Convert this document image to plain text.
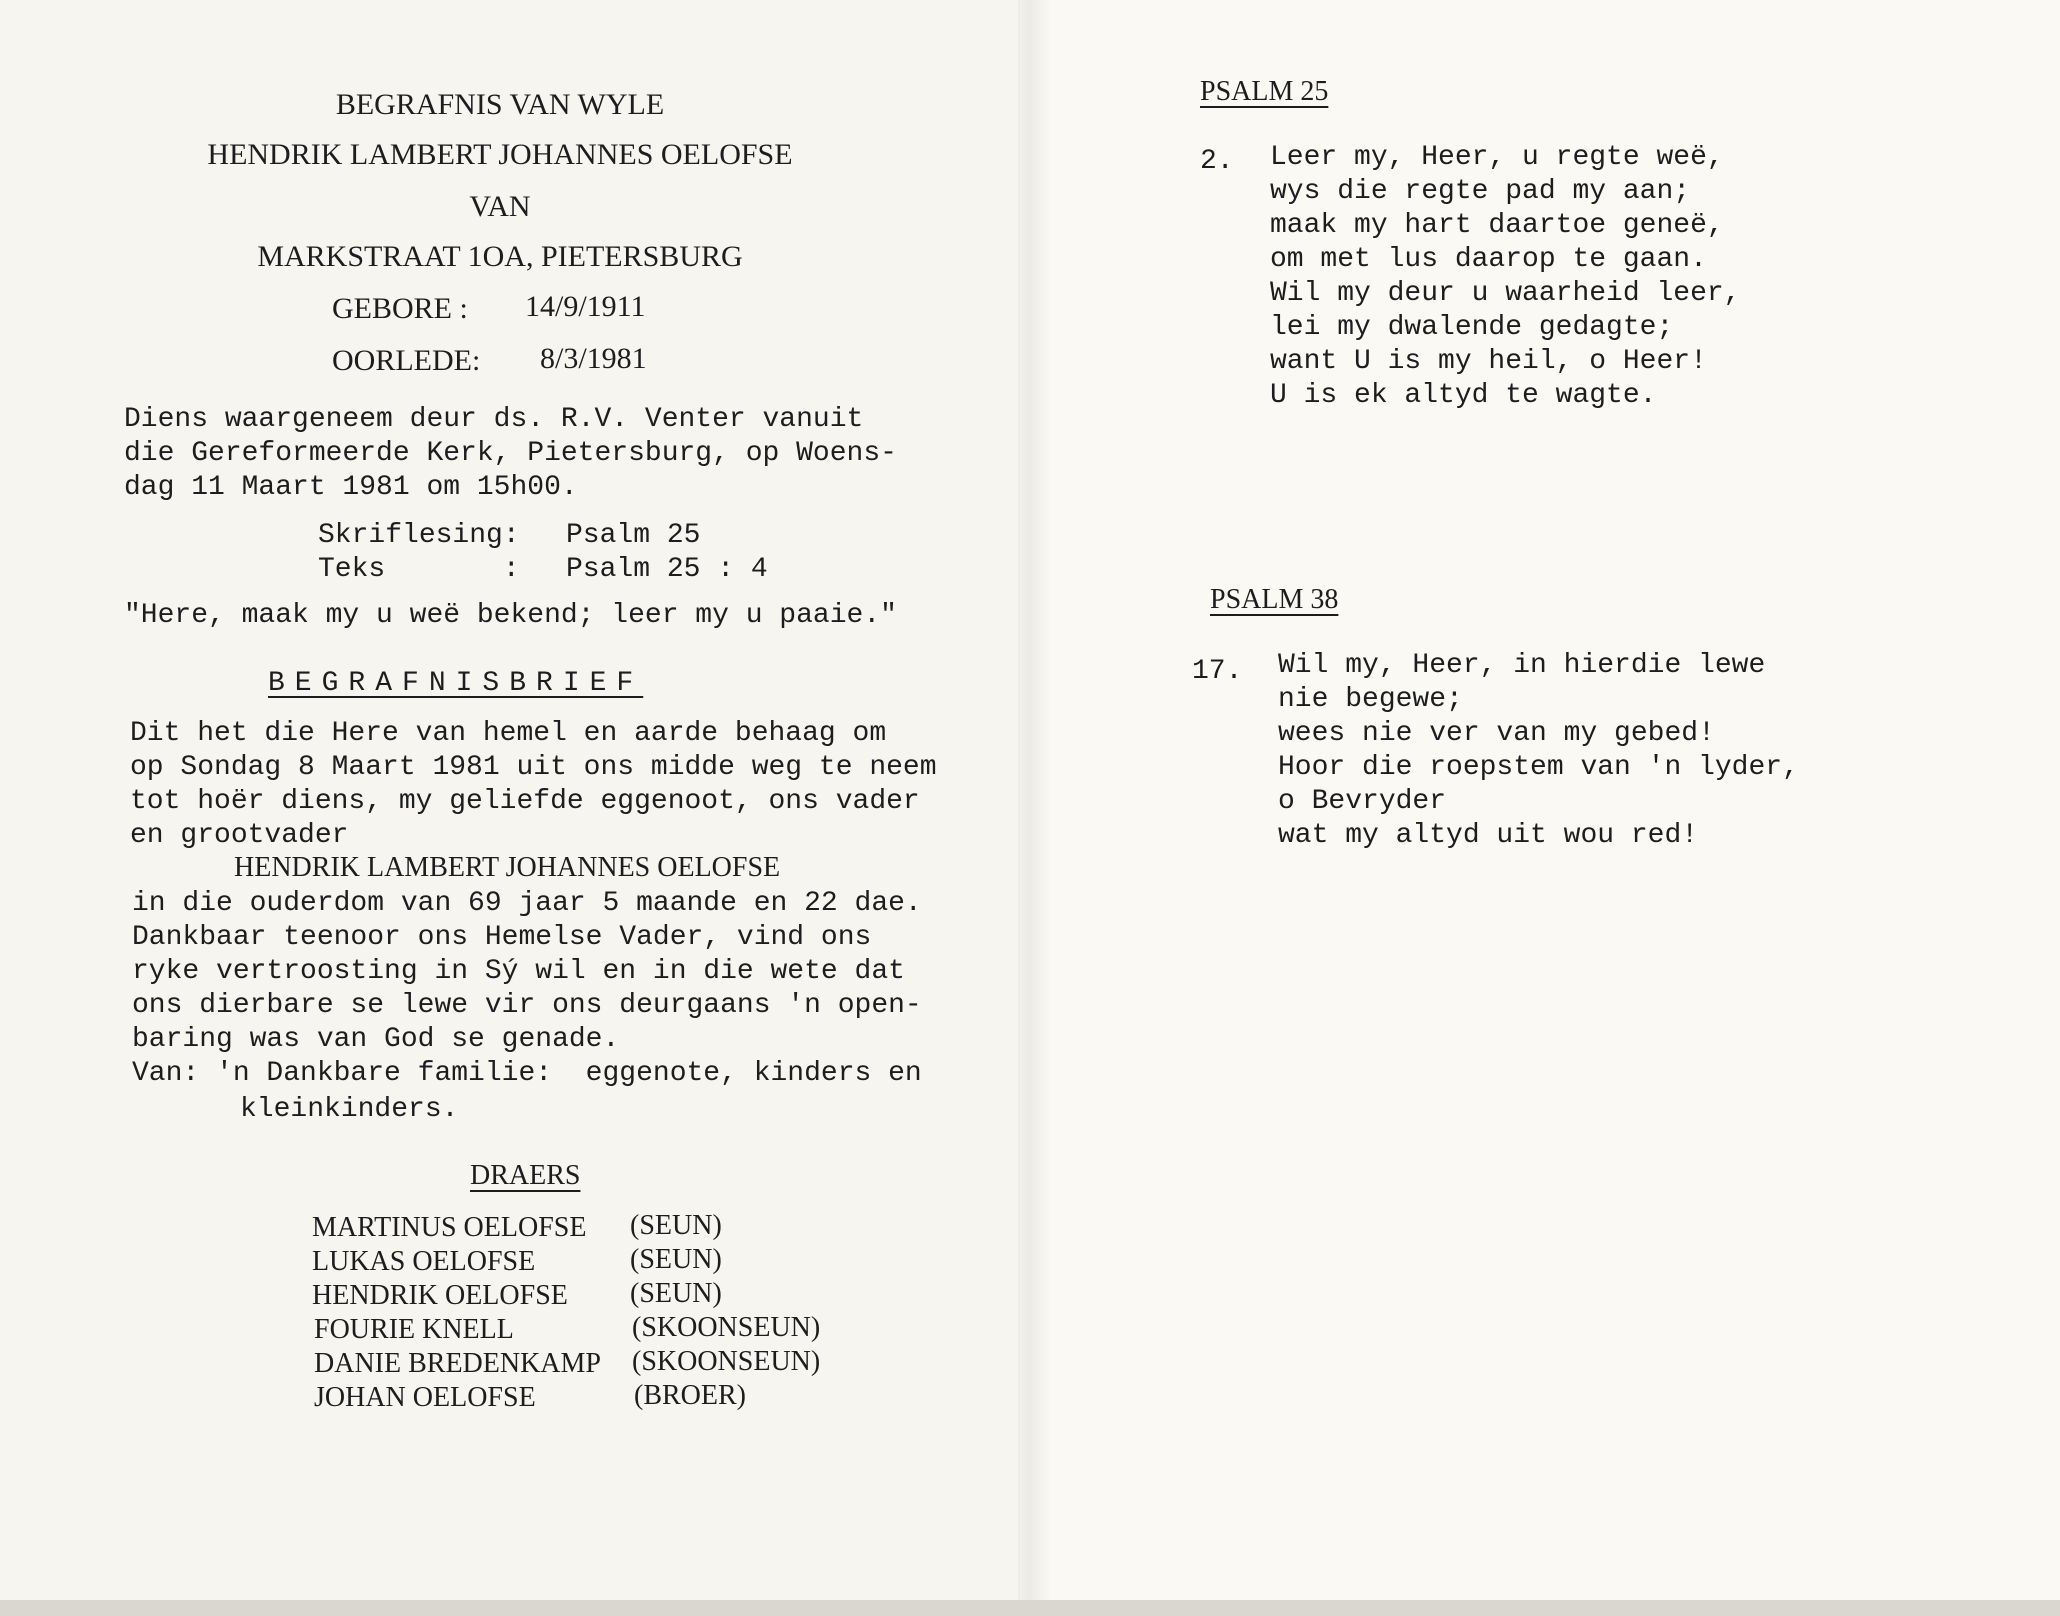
BEGRAFNIS VAN WYLE
HENDRIK LAMBERT JOHANNES OELOFSE
VAN
MARKSTRAAT 1OA, PIETERSBURG
GEBORE : 14/9/1911
OORLEDE: 8/3/1981
Diens waargeneem deur ds. R.V. Venter vanuit
die Gereformeerde Kerk, Pietersburg, op Woens-
dag 11 Maart 1981 om 15h00.
Skriflesing: Psalm 25
Teks       : Psalm 25 : 4
"Here, maak my u weë bekend; leer my u paaie."
BEGRAFNISBRIEF
Dit het die Here van hemel en aarde behaag om
op Sondag 8 Maart 1981 uit ons midde weg te neem
tot hoër diens, my geliefde eggenoot, ons vader
en grootvader
HENDRIK LAMBERT JOHANNES OELOFSE
in die ouderdom van 69 jaar 5 maande en 22 dae.
Dankbaar teenoor ons Hemelse Vader, vind ons
ryke vertroosting in Sý wil en in die wete dat
ons dierbare se lewe vir ons deurgaans 'n open-
baring was van God se genade.
Van: 'n Dankbare familie:  eggenote, kinders en
kleinkinders.
DRAERS
MARTINUS OELOFSE (SEUN)
LUKAS OELOFSE	(SEUN)
HENDRIK OELOFSE (SEUN)
FOURIE KNELL	(SKOONSEUN)
DANIE BREDENKAMP (SKOONSEUN)
JOHAN OELOFSE	(BROER)
PSALM 25
2. Leer my, Heer, u regte weë,
wys die regte pad my aan;
maak my hart daartoe geneë,
om met lus daarop te gaan.
Wil my deur u waarheid leer,
lei my dwalende gedagte;
want U is my heil, o Heer!
U is ek altyd te wagte.
PSALM 38
17. Wil my, Heer, in hierdie lewe
nie begewe;
wees nie ver van my gebed!
Hoor die roepstem van 'n lyder,
o Bevryder
wat my altyd uit wou red!
